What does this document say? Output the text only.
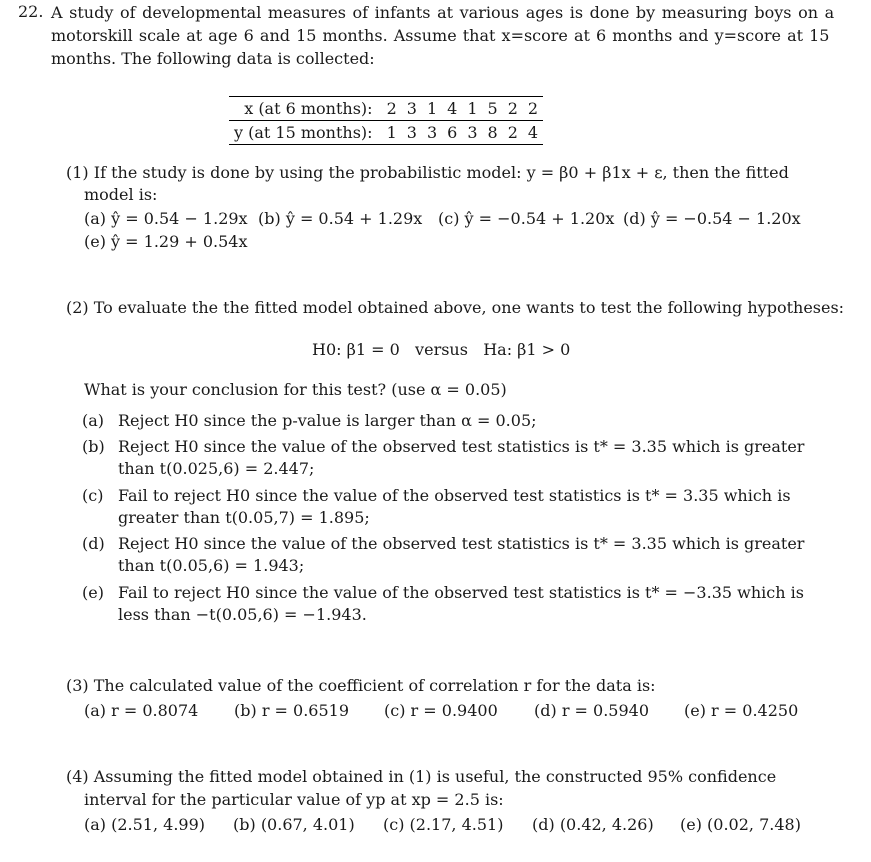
22. A study of developmental measures of infants at various ages is done by measuring boys on a
motorskill scale at age 6 and 15 months. Assume that x=score at 6 months and y=score at 15
months. The following data is collected:
x (at 6 months):	2	3	1	4	1	5	2	2
y (at 15 months):	1	3	3	6	3	8	2	4
(1) If the study is done by using the probabilistic model: y = β0 + β1x + ε, then the fitted
model is:
(a) ŷ = 0.54 − 1.29x (b) ŷ = 0.54 + 1.29x (c) ŷ = −0.54 + 1.20x (d) ŷ = −0.54 − 1.20x
(e) ŷ = 1.29 + 0.54x
(2) To evaluate the the fitted model obtained above, one wants to test the following hypotheses:
H0: β1 = 0   versus   Ha: β1 > 0
What is your conclusion for this test? (use α = 0.05)
(a) Reject H0 since the p-value is larger than α = 0.05;
(b) Reject H0 since the value of the observed test statistics is t* = 3.35 which is greater
than t(0.025,6) = 2.447;
(c) Fail to reject H0 since the value of the observed test statistics is t* = 3.35 which is
greater than t(0.05,7) = 1.895;
(d) Reject H0 since the value of the observed test statistics is t* = 3.35 which is greater
than t(0.05,6) = 1.943;
(e) Fail to reject H0 since the value of the observed test statistics is t* = −3.35 which is
less than −t(0.05,6) = −1.943.
(3) The calculated value of the coefficient of correlation r for the data is:
(a) r = 0.8074 (b) r = 0.6519 (c) r = 0.9400 (d) r = 0.5940 (e) r = 0.4250
(4) Assuming the fitted model obtained in (1) is useful, the constructed 95% confidence
interval for the particular value of yp at xp = 2.5 is:
(a) (2.51, 4.99) (b) (0.67, 4.01) (c) (2.17, 4.51) (d) (0.42, 4.26) (e) (0.02, 7.48)
